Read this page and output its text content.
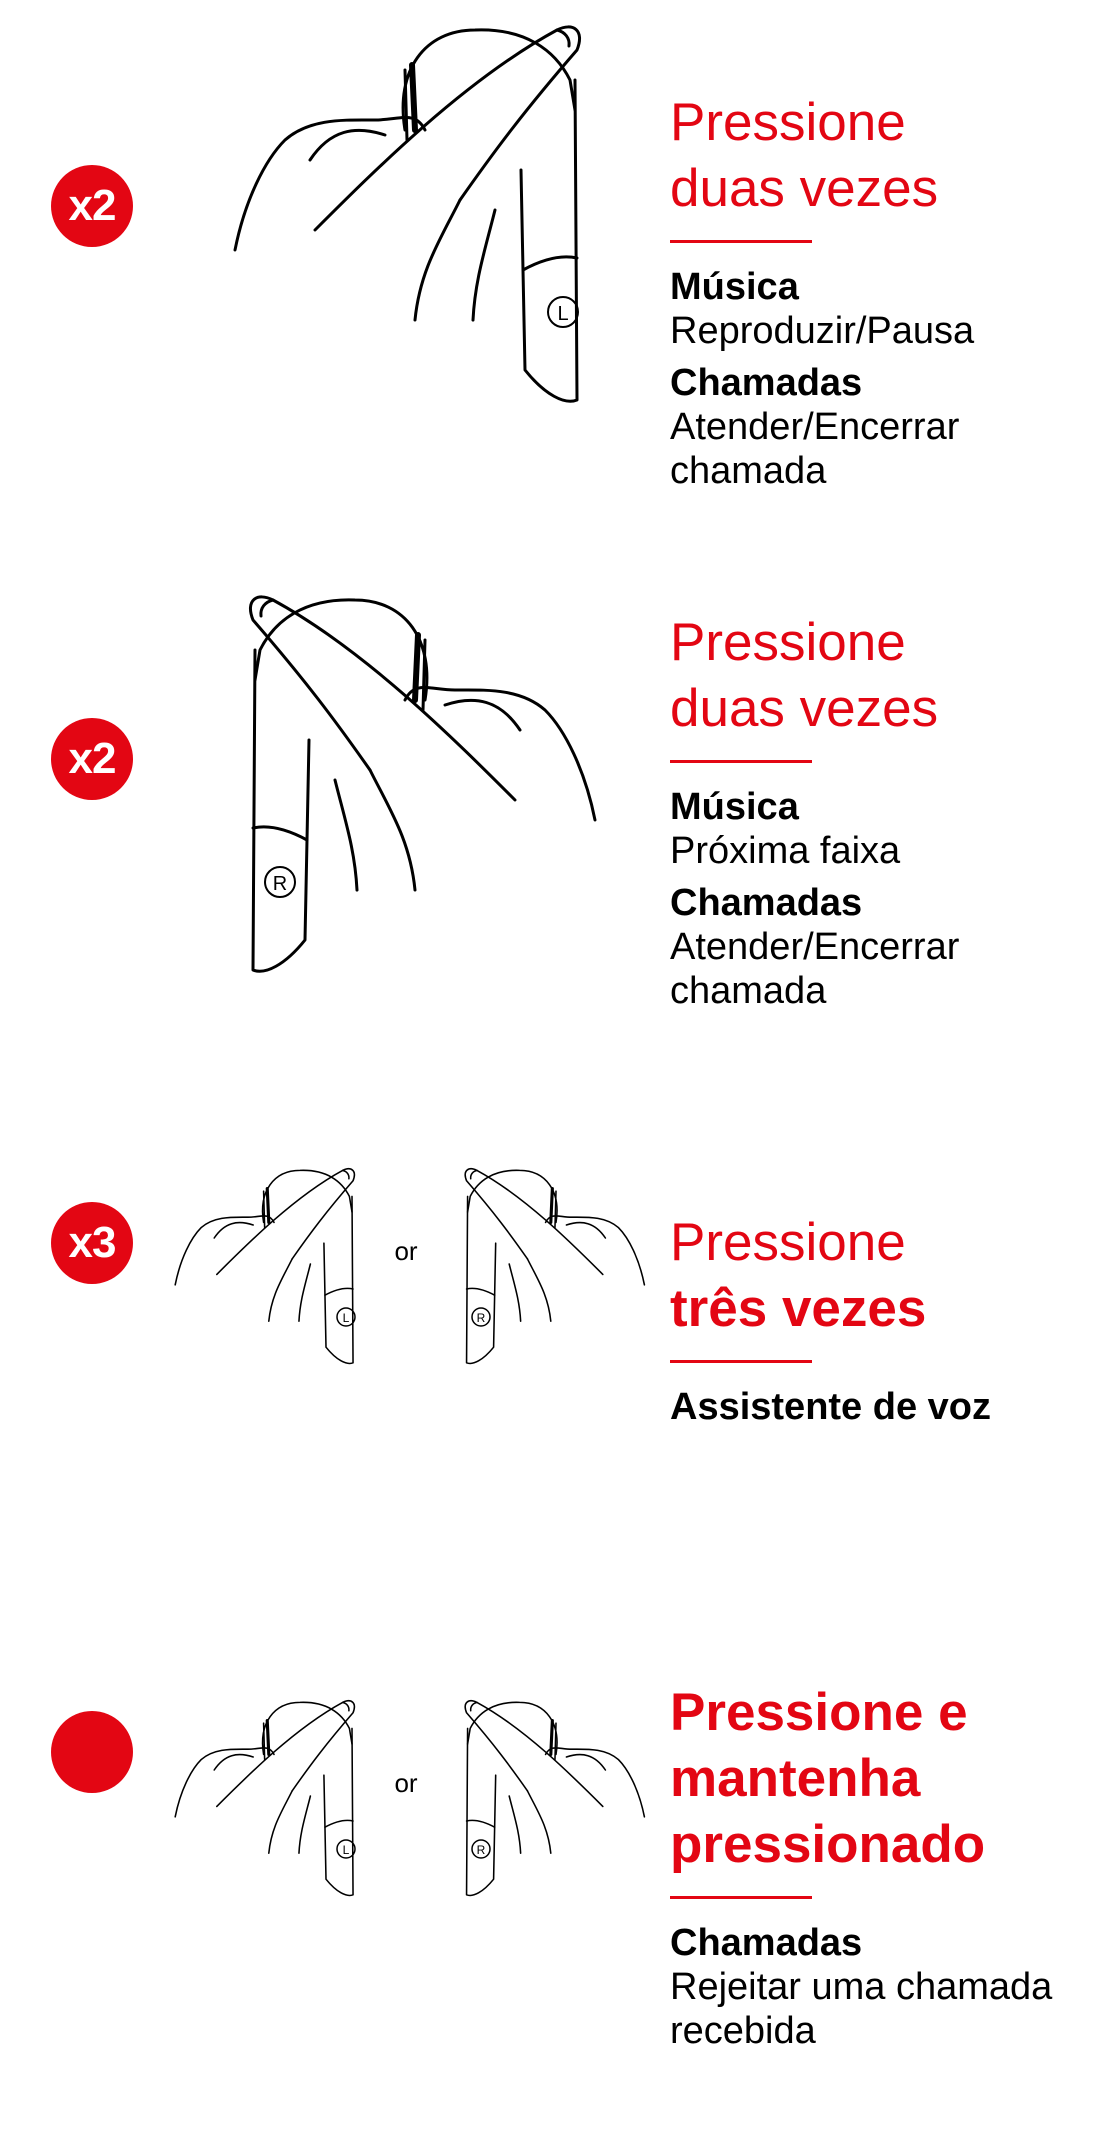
x2
L
Pressione
duas vezes
Música
Reproduzir/Pausa
Chamadas
Atender/Encerrar chamada
x2
R
Pressione
duas vezes
Música
Próxima faixa
Chamadas
Atender/Encerrar chamada
x3
L
or
R
Pressione
três vezes
Assistente de voz
L
or
R
Pressione e
mantenha
pressionado
Chamadas
Rejeitar uma chamada recebida
